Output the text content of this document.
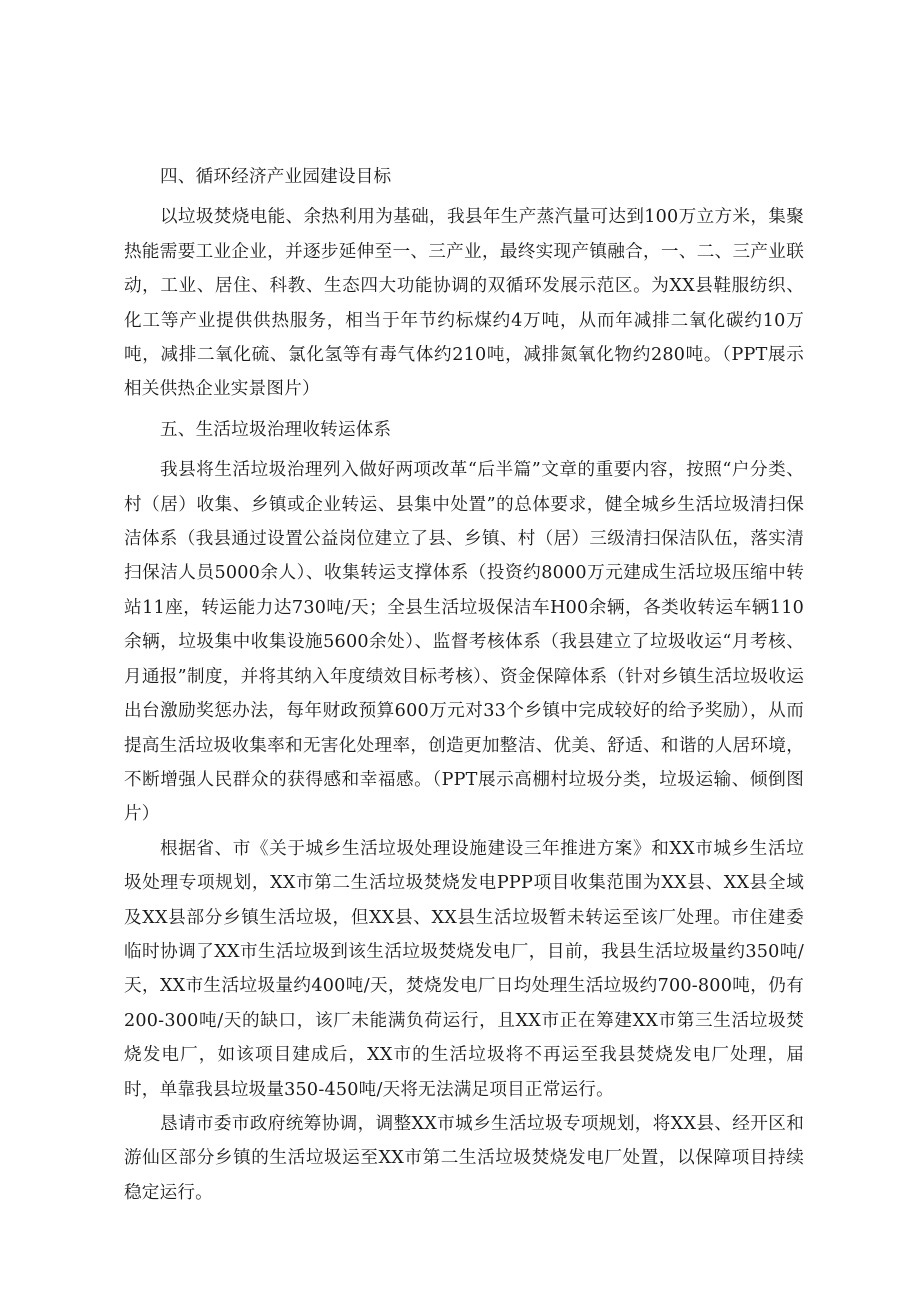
四、循环经济产业园建设目标

以垃圾焚烧电能、余热利用为基础，我县年生产蒸汽量可达到100万立方米，集聚热能需要工业企业，并逐步延伸至一、三产业，最终实现产镇融合，一、二、三产业联动，工业、居住、科教、生态四大功能协调的双循环发展示范区。为XX县鞋服纺织、化工等产业提供供热服务，相当于年节约标煤约4万吨，从而年减排二氧化碳约10万吨，减排二氧化硫、氯化氢等有毒气体约210吨，减排氮氧化物约280吨。（PPT展示相关供热企业实景图片）

五、生活垃圾治理收转运体系

我县将生活垃圾治理列入做好两项改革“后半篇”文章的重要内容，按照“户分类、村（居）收集、乡镇或企业转运、县集中处置”的总体要求，健全城乡生活垃圾清扫保洁体系（我县通过设置公益岗位建立了县、乡镇、村（居）三级清扫保洁队伍，落实清扫保洁人员5000余人）、收集转运支撑体系（投资约8000万元建成生活垃圾压缩中转站11座，转运能力达730吨/天；全县生活垃圾保洁车H00余辆，各类收转运车辆110余辆，垃圾集中收集设施5600余处）、监督考核体系（我县建立了垃圾收运“月考核、月通报”制度，并将其纳入年度绩效目标考核）、资金保障体系（针对乡镇生活垃圾收运出台激励奖惩办法，每年财政预算600万元对33个乡镇中完成较好的给予奖励），从而提高生活垃圾收集率和无害化处理率，创造更加整洁、优美、舒适、和谐的人居环境，不断增强人民群众的获得感和幸福感。（PPT展示高棚村垃圾分类，垃圾运输、倾倒图片）

根据省、市《关于城乡生活垃圾处理设施建设三年推进方案》和XX市城乡生活垃圾处理专项规划，XX市第二生活垃圾焚烧发电PPP项目收集范围为XX县、XX县全域及XX县部分乡镇生活垃圾，但XX县、XX县生活垃圾暂未转运至该厂处理。市住建委临时协调了XX市生活垃圾到该生活垃圾焚烧发电厂，目前，我县生活垃圾量约350吨/天，XX市生活垃圾量约400吨/天，焚烧发电厂日均处理生活垃圾约700-800吨，仍有200-300吨/天的缺口，该厂未能满负荷运行，且XX市正在筹建XX市第三生活垃圾焚烧发电厂，如该项目建成后，XX市的生活垃圾将不再运至我县焚烧发电厂处理，届时，单靠我县垃圾量350-450吨/天将无法满足项目正常运行。

恳请市委市政府统筹协调，调整XX市城乡生活垃圾专项规划，将XX县、经开区和游仙区部分乡镇的生活垃圾运至XX市第二生活垃圾焚烧发电厂处置，以保障项目持续稳定运行。
